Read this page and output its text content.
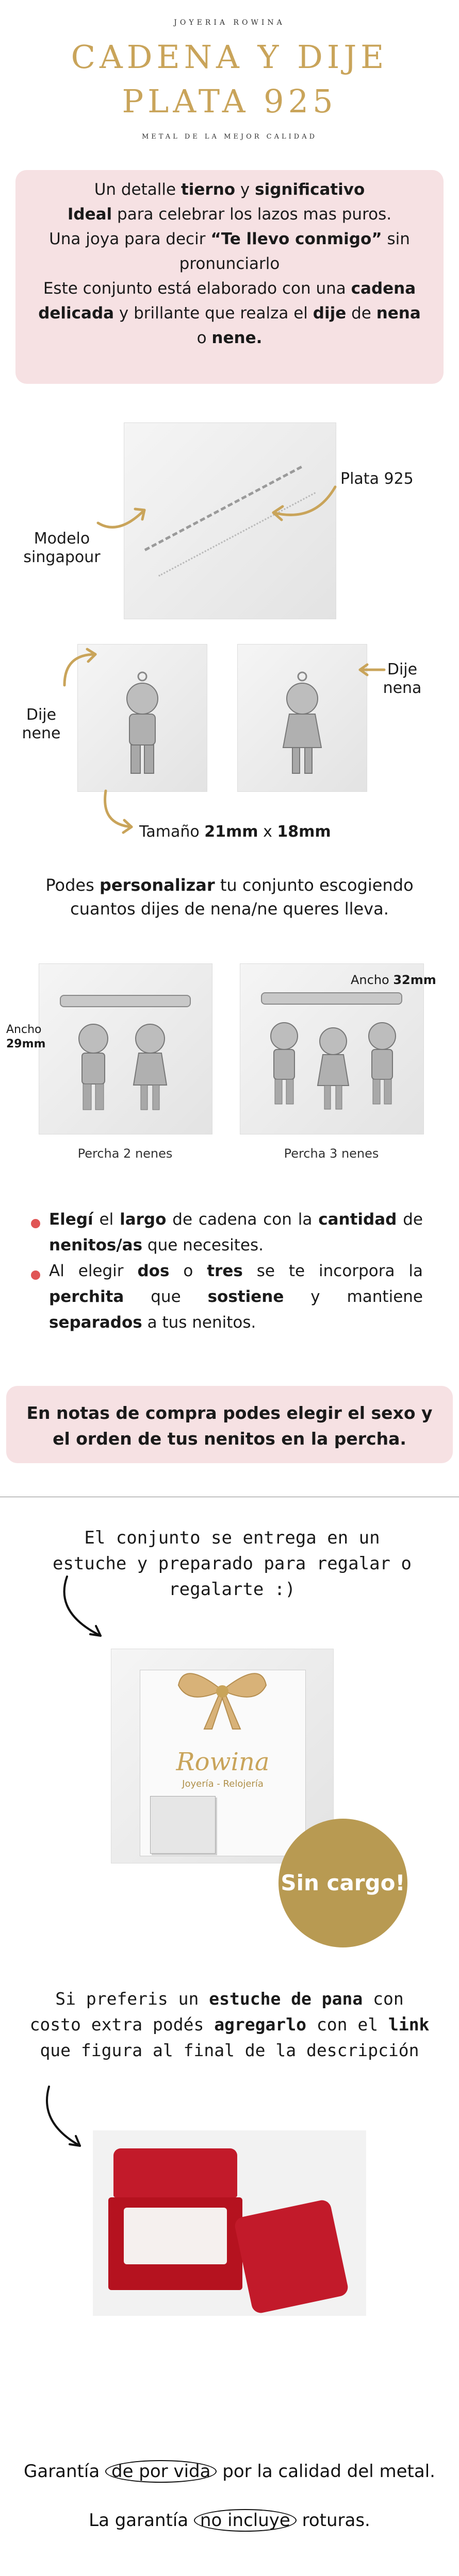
JOYERIA ROWINA
CADENA Y DIJE
PLATA 925
METAL DE LA MEJOR CALIDAD

Un detalle tierno y significativo
Ideal para celebrar los lazos mas puros.
Una joya para decir “Te llevo conmigo” sin pronunciarlo
Este conjunto está elaborado con una cadena delicada y brillante que realza el dije de nena o nene.

Plata 925
Modelo singapour
Dije nene
Dije nena
Tamaño 21mm x 18mm
Podes personalizar tu conjunto escogiendo cuantos dijes de nena/ne queres lleva.
Ancho
29mm
Ancho 32mm
Percha 2 nenes	Percha 3 nenes
Elegí el largo de cadena con la cantidad de nenitos/as que necesites.
Al elegir dos o tres se te incorpora la perchita que sostiene y mantiene separados a tus nenitos.

En notas de compra podes elegir el sexo y el orden de tus nenitos en la percha.

El conjunto se entrega en un estuche y preparado para regalar o regalarte :)
Rowina
Joyería - Relojería
Sin cargo!
Si preferis un estuche de pana con costo extra podés agregarlo con el link que figura al final de la descripción
Garantía de por vida por la calidad del metal.
La garantía no incluye roturas.
